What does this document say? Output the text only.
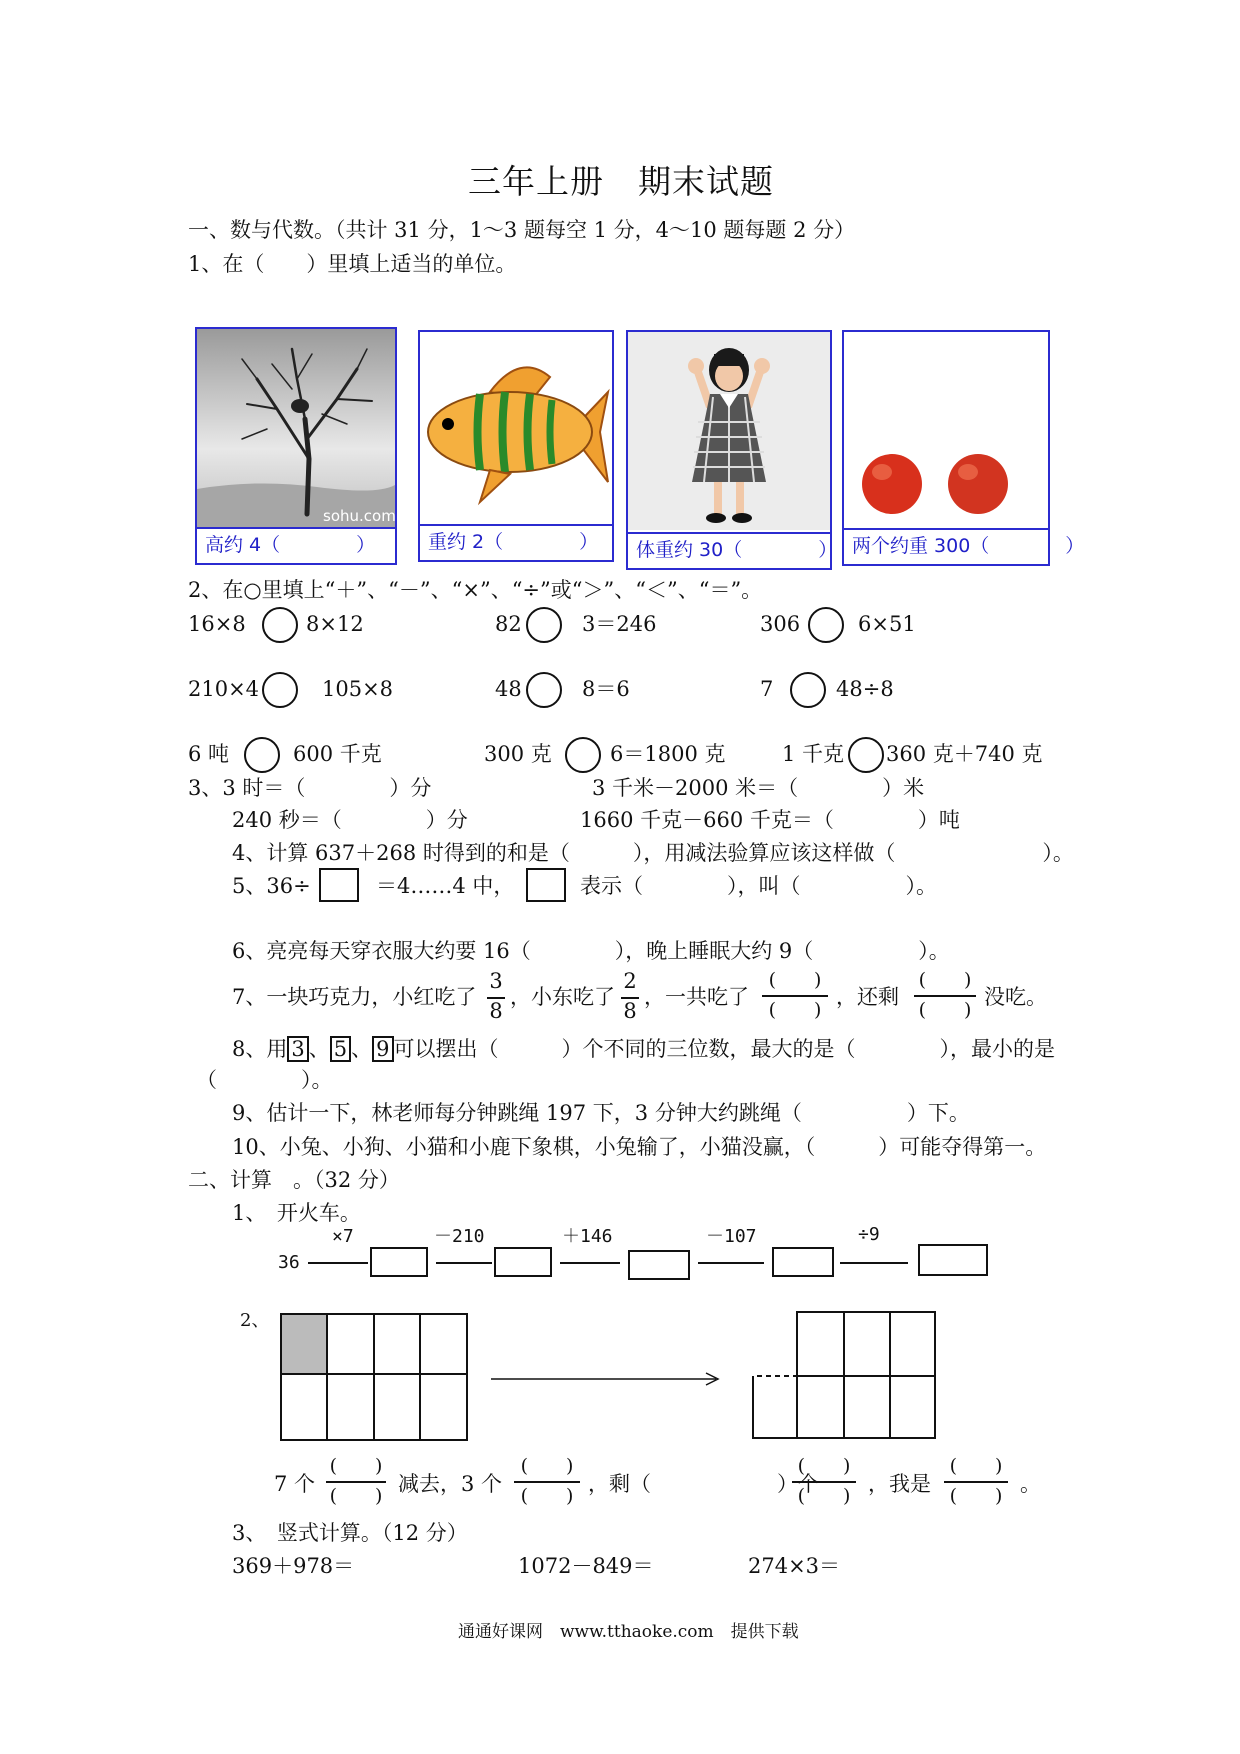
三年上册　期末试题
一、数与代数。（共计 31 分，1～3 题每空 1 分，4～10 题每题 2 分）
1、在（　　）里填上适当的单位。
sohu.com
高约 4（　　　　）	重约 2（　　　　）	体重约 30（　　　　） 两个约重 300（　　　　）
2、在○里填上“＋”、“－”、“×”、“÷”或“＞”、“＜”、“＝”。
16×8	8×12	82	3＝246	306	6×51
210×4	105×8	48	8＝6	7	48÷8
6 吨	600 千克	300 克	6＝1800 克	1 千克 360 克＋740 克
3、3 时＝（　　　　）分	3 千米－2000 米＝（　　　　）米
240 秒＝（　　　　）分	1660 千克－660 千克＝（　　　　）吨
4、计算 637＋268 时得到的和是（　　　），用减法验算应该这样做（　　　　　　　）。
5、36÷	＝4……4 中，	表示（　　　　），叫（　　　　　）。
6、亮亮每天穿衣服大约要 16（　　　　），晚上睡眠大约 9（　　　　　）。
7、一块巧克力，小红吃了
3
8
，小东吃了
2
8
，一共吃了
(　　)
(　　)
，还剩
(　　)
(　　)
没吃。
8、用 3 、 5 、 9 可以摆出（　　　）个不同的三位数，最大的是（　　　　），最小的是
（　　　　）。
9、估计一下，林老师每分钟跳绳 197 下，3 分钟大约跳绳（　　　　　）下。
10、小兔、小狗、小猫和小鹿下象棋，小兔输了，小猫没赢，（　　　）可能夺得第一。
二、计算　。（32 分）
1、　开火车。
36
×7	－210	＋146	－107	÷9
2、
7 个
(　　)
(　　) 减去，3 个
(　　)
(　　) ，剩（　　　　　　）个
(　　)
(　　) ，我是
(　　)
(　　) 。
3、　竖式计算。（12 分）
369＋978＝	1072－849＝	274×3＝
通通好课网　www.tthaoke.com　提供下载
